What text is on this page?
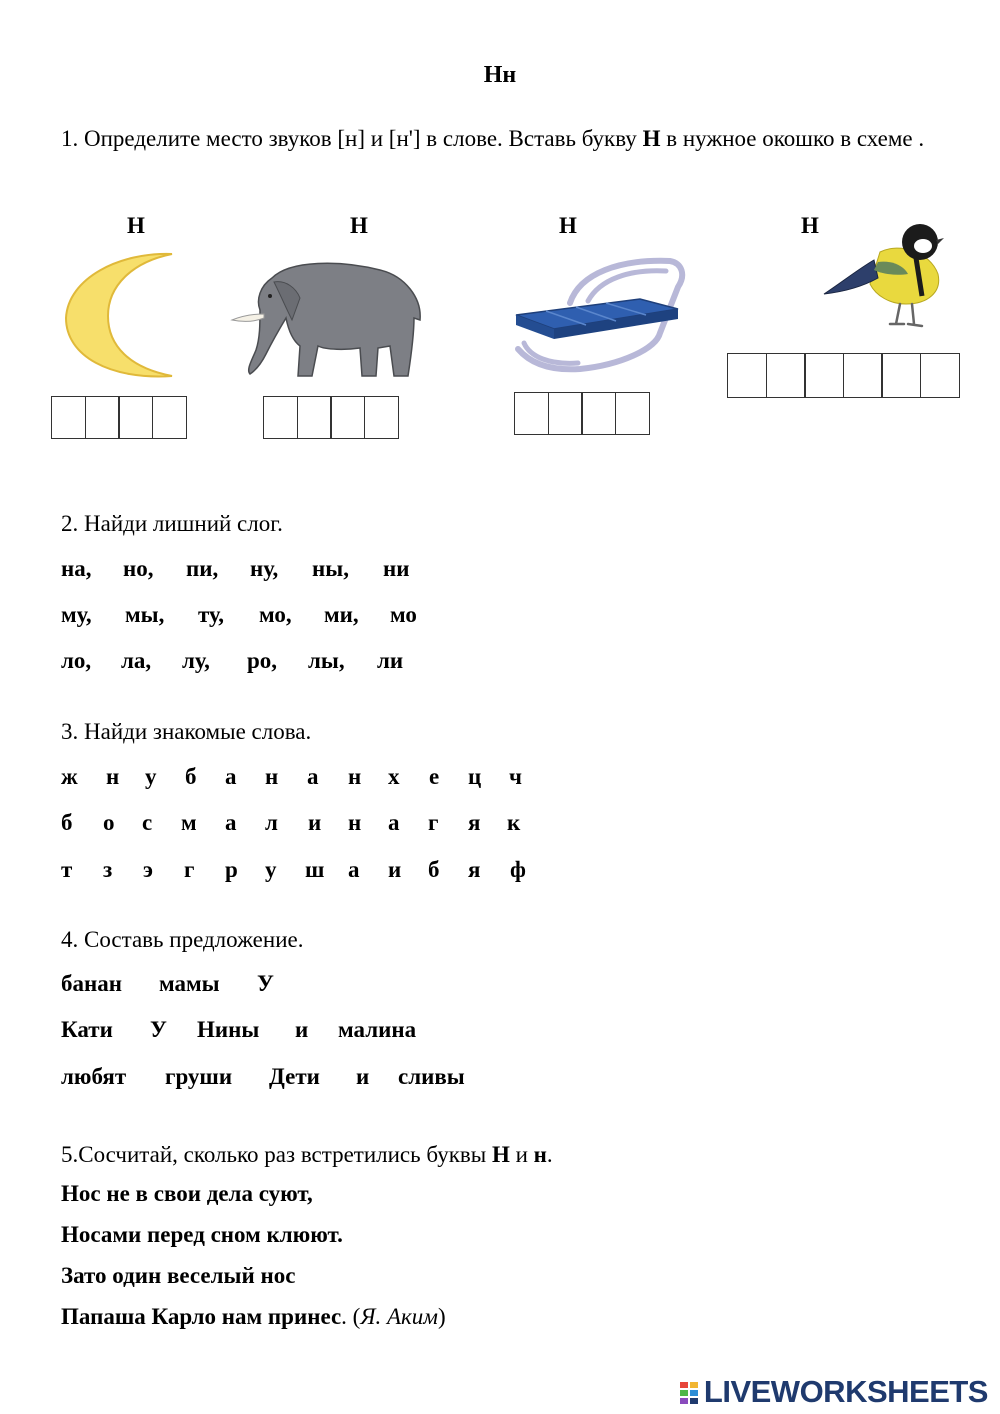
Нн
1. Определите место звуков [н] и [н'] в слове. Вставь букву Н в нужное окошко в схеме .
Н	Н	Н	Н
2. Найди лишний слог.
на, но, пи, ну, ны, ни
му, мы, ту, мо, ми, мо
ло, ла, лу, ро, лы, ли
3. Найди знакомые слова.
ж н у б а н а н х е ц ч
б о с м а л и н а г я к
т з э г р у ш а и б я ф
4. Составь предложение.
банан мамы У
Кати У Нины и малина
любят груши Дети и сливы
5.Сосчитай, сколько раз встретились буквы Н и н.
Нос не в свои дела суют,
Носами перед сном клюют.
Зато один веселый нос
Папаша Карло нам принес. (Я. Аким)
LIVEWORKSHEETS
